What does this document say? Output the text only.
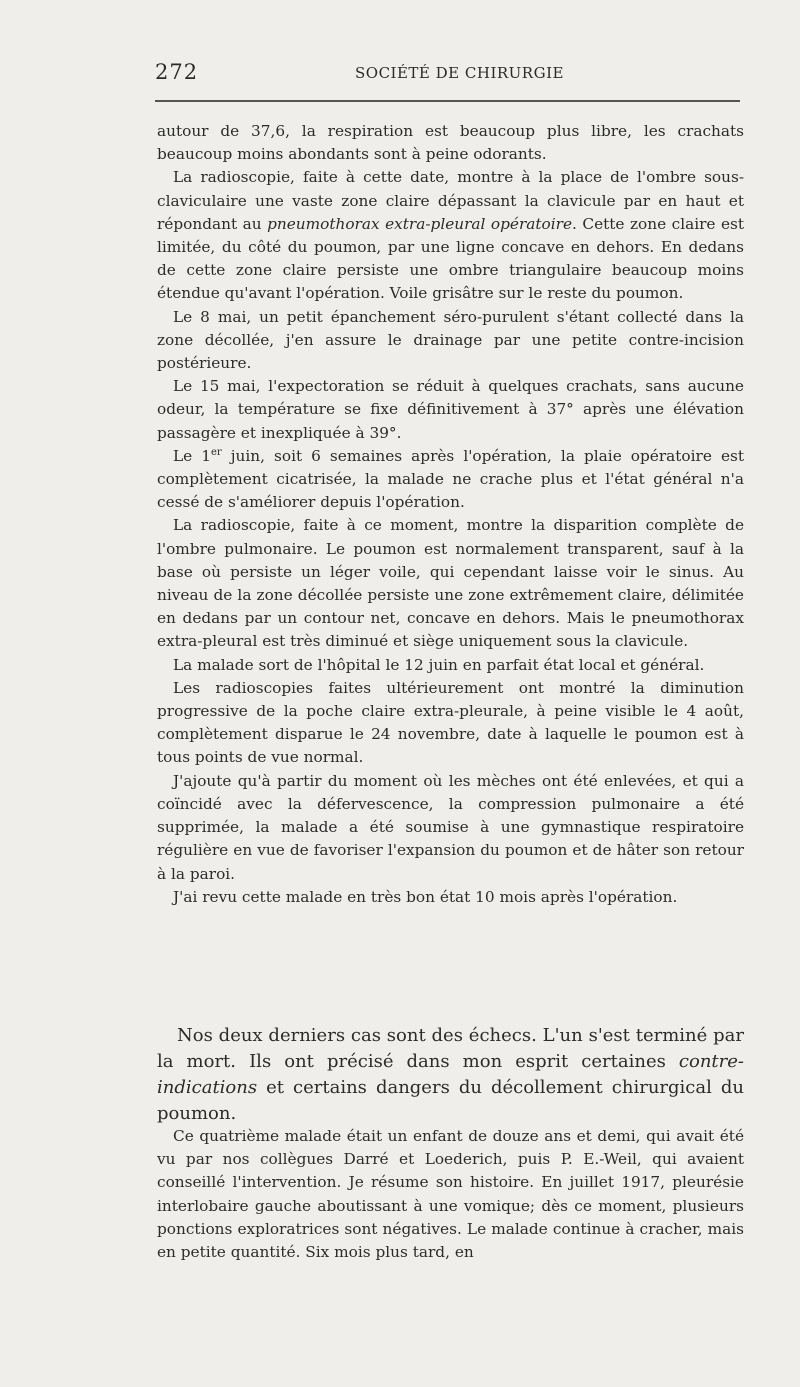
272	SOCIÉTÉ DE CHIRURGIE

autour de 37,6, la respiration est beaucoup plus libre, les crachats beaucoup moins abondants sont à peine odorants.

La radioscopie, faite à cette date, montre à la place de l'ombre sous-claviculaire une vaste zone claire dépassant la clavicule par en haut et répondant au pneumothorax extra-pleural opératoire. Cette zone claire est limitée, du côté du poumon, par une ligne concave en dehors. En dedans de cette zone claire persiste une ombre triangulaire beaucoup moins étendue qu'avant l'opération. Voile grisâtre sur le reste du poumon.

Le 8 mai, un petit épanchement séro-purulent s'étant collecté dans la zone décollée, j'en assure le drainage par une petite contre-incision postérieure.

Le 15 mai, l'expectoration se réduit à quelques crachats, sans aucune odeur, la température se fixe définitivement à 37° après une élévation passagère et inexpliquée à 39°.

Le 1er juin, soit 6 semaines après l'opération, la plaie opératoire est complètement cicatrisée, la malade ne crache plus et l'état général n'a cessé de s'améliorer depuis l'opération.

La radioscopie, faite à ce moment, montre la disparition complète de l'ombre pulmonaire. Le poumon est normalement transparent, sauf à la base où persiste un léger voile, qui cependant laisse voir le sinus. Au niveau de la zone décollée persiste une zone extrêmement claire, délimitée en dedans par un contour net, concave en dehors. Mais le pneumothorax extra-pleural est très diminué et siège uniquement sous la clavicule.

La malade sort de l'hôpital le 12 juin en parfait état local et général.

Les radioscopies faites ultérieurement ont montré la diminution progressive de la poche claire extra-pleurale, à peine visible le 4 août, complètement disparue le 24 novembre, date à laquelle le poumon est à tous points de vue normal.

J'ajoute qu'à partir du moment où les mèches ont été enlevées, et qui a coïncidé avec la défervescence, la compression pulmonaire a été supprimée, la malade a été soumise à une gymnastique respiratoire régulière en vue de favoriser l'expansion du poumon et de hâter son retour à la paroi.

J'ai revu cette malade en très bon état 10 mois après l'opération.

Nos deux derniers cas sont des échecs. L'un s'est terminé par la mort. Ils ont précisé dans mon esprit certaines contre-indications et certains dangers du décollement chirurgical du poumon.

Ce quatrième malade était un enfant de douze ans et demi, qui avait été vu par nos collègues Darré et Loederich, puis P. E.-Weil, qui avaient conseillé l'intervention. Je résume son histoire. En juillet 1917, pleurésie interlobaire gauche aboutissant à une vomique; dès ce moment, plusieurs ponctions exploratrices sont négatives. Le malade continue à cracher, mais en petite quantité. Six mois plus tard, en
